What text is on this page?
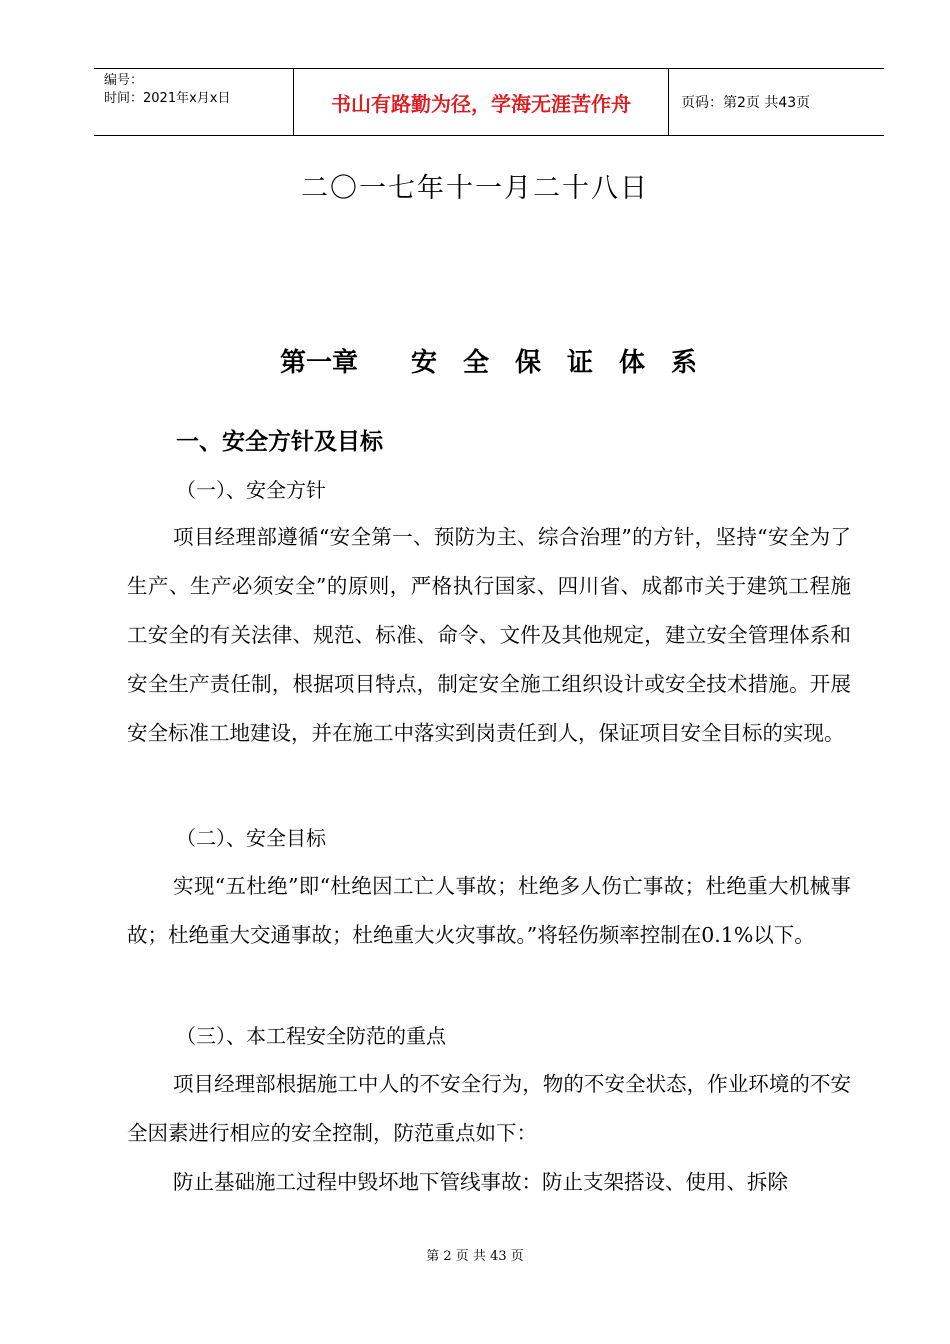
编号：
时间：2021年x月x日	书山有路勤为径，学海无涯苦作舟	页码：第2页 共43页
二〇一七年十一月二十八日
第一章 安 全 保 证 体 系
一、安全方针及目标
（一）、安全方针
项目经理部遵循“安全第一、预防为主、综合治理”的方针，坚持“安全为了生产、生产必须安全”的原则，严格执行国家、四川省、成都市关于建筑工程施工安全的有关法律、规范、标准、命令、文件及其他规定，建立安全管理体系和安全生产责任制，根据项目特点，制定安全施工组织设计或安全技术措施。开展安全标准工地建设，并在施工中落实到岗责任到人，保证项目安全目标的实现。
（二）、安全目标
实现“五杜绝”即“杜绝因工亡人事故；杜绝多人伤亡事故；杜绝重大机械事故；杜绝重大交通事故；杜绝重大火灾事故。”将轻伤频率控制在0.1%以下。
（三）、本工程安全防范的重点
项目经理部根据施工中人的不安全行为，物的不安全状态，作业环境的不安全因素进行相应的安全控制，防范重点如下：
防止基础施工过程中毁坏地下管线事故：防止支架搭设、使用、拆除
第 2 页 共 43 页
